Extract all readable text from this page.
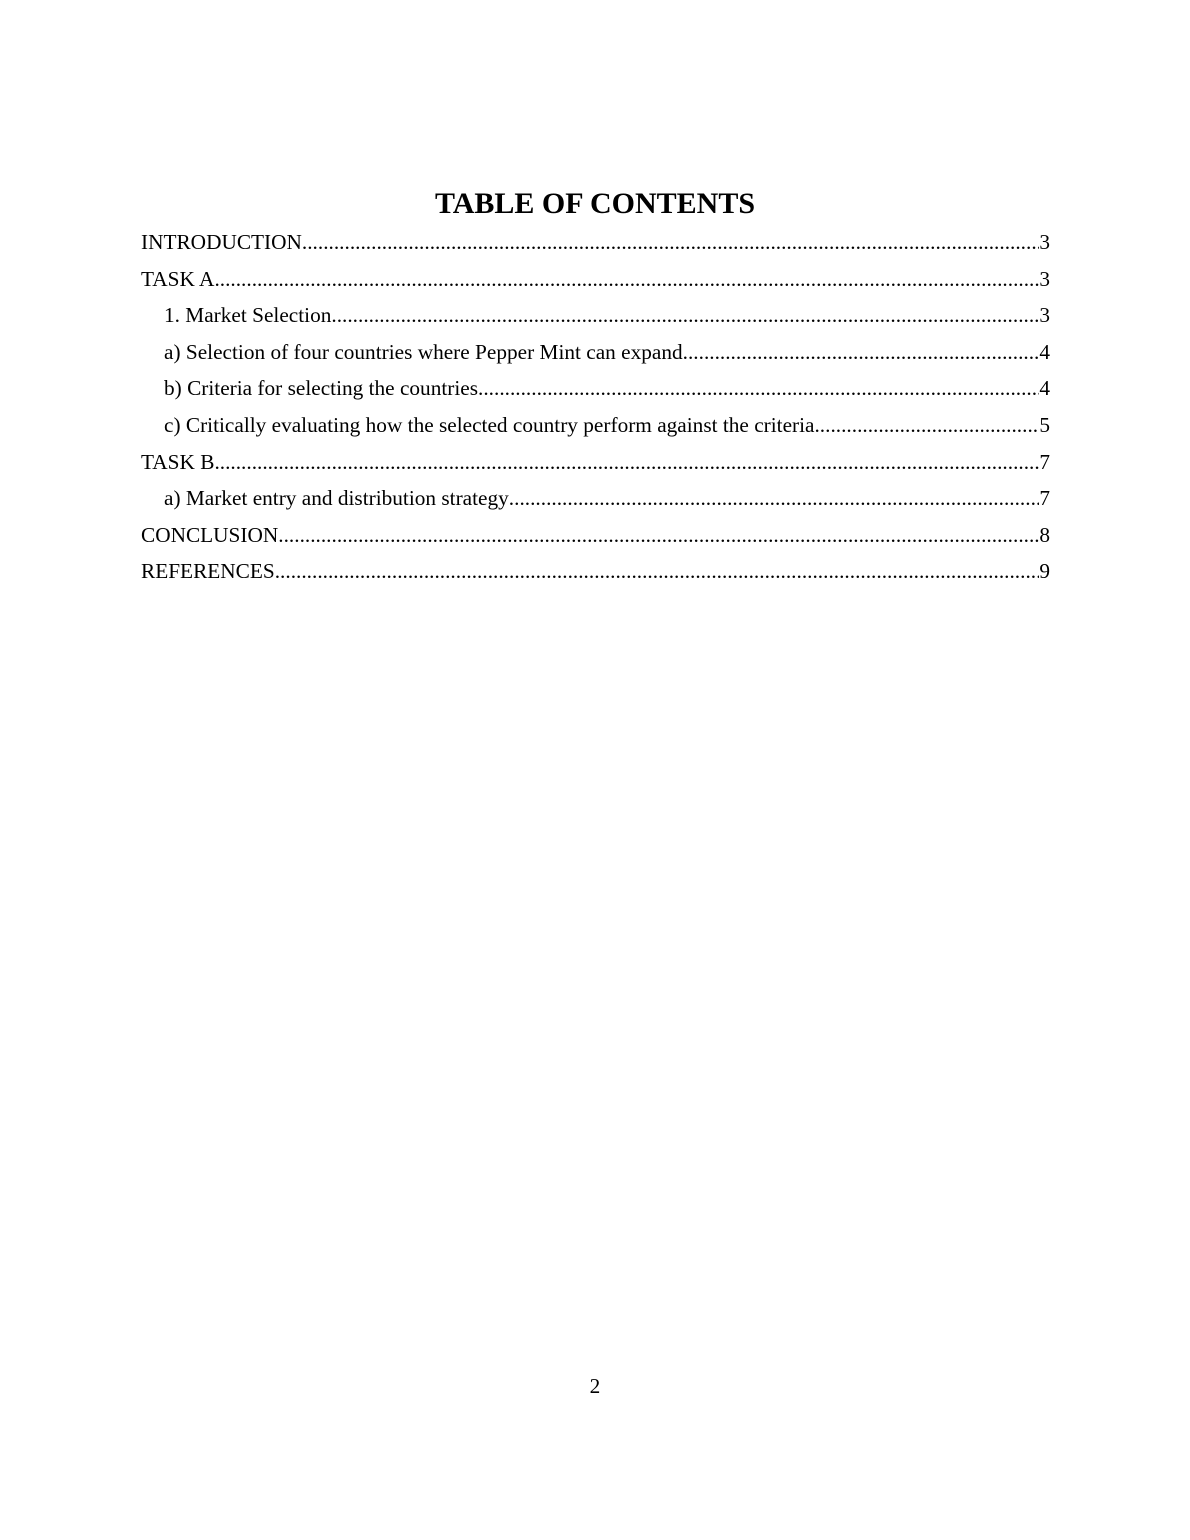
TABLE OF CONTENTS
INTRODUCTION .....	3
TASK A .....	3
1. Market Selection .....	3
a) Selection of four countries where Pepper Mint can expand .....	4
b) Criteria for selecting the countries .....	4
c) Critically evaluating how the selected country perform against the criteria .....	5
TASK B .....	7
a) Market entry and distribution strategy .....	7
CONCLUSION .....	8
REFERENCES .....	9
2
